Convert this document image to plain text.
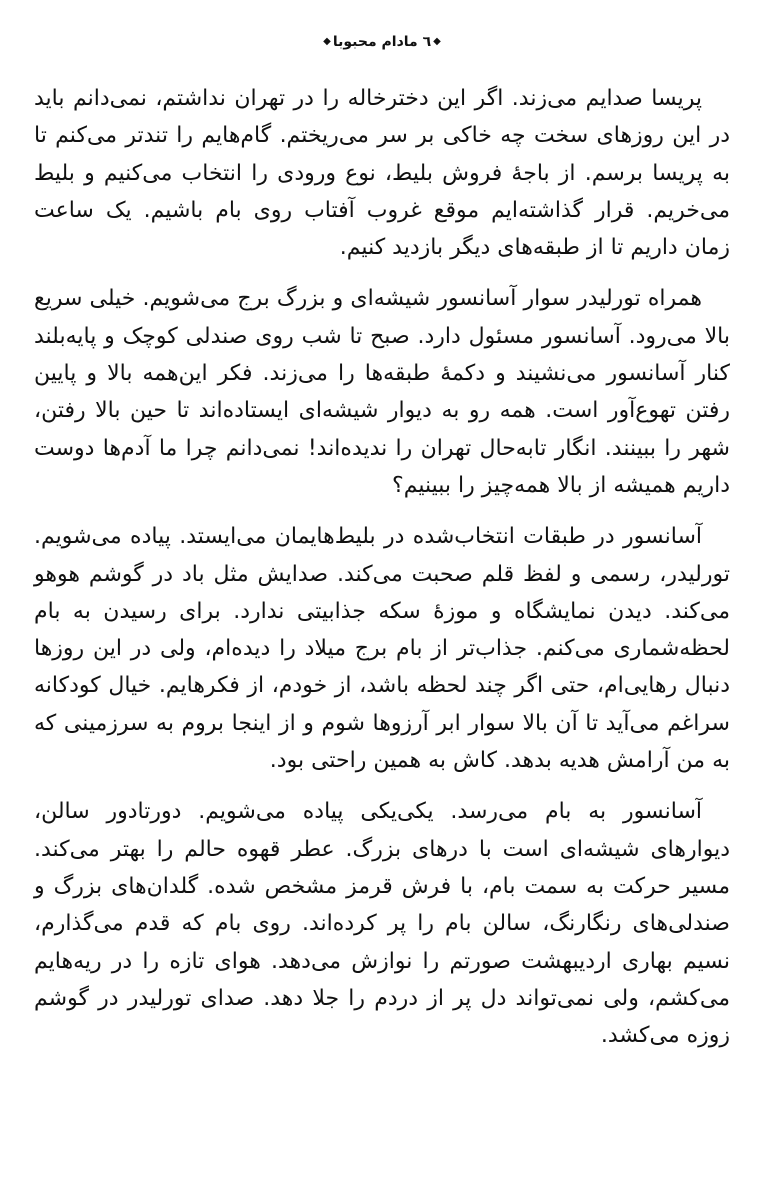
◆٦ مادام محبوبا◆

پریسا صدایم می‌زند. اگر این دخترخاله را در تهران نداشتم، نمی‌دانم باید در این روزهای سخت چه خاکی بر سر می‌ریختم. گام‌هایم را تندتر می‌کنم تا به پریسا برسم. از باجهٔ فروش بلیط، نوع ورودی را انتخاب می‌کنیم و بلیط می‌خریم. قرار گذاشته‌ایم موقع غروب آفتاب روی بام باشیم. یک ساعت زمان داریم تا از طبقه‌های دیگر بازدید کنیم.

همراه تورلیدر سوار آسانسور شیشه‌ای و بزرگ برج می‌شویم. خیلی سریع بالا می‌رود. آسانسور مسئول دارد. صبح تا شب روی صندلی کوچک و پایه‌بلند کنار آسانسور می‌نشیند و دکمهٔ طبقه‌ها را می‌زند. فکر این‌همه بالا و پایین رفتن تهوع‌آور است. همه رو به دیوار شیشه‌ای ایستاده‌اند تا حین بالا رفتن، شهر را ببینند. انگار تابه‌حال تهران را ندیده‌اند! نمی‌دانم چرا ما آدم‌ها دوست داریم همیشه از بالا همه‌چیز را ببینیم؟

آسانسور در طبقات انتخاب‌شده در بلیط‌هایمان می‌ایستد. پیاده می‌شویم. تورلیدر، رسمی و لفظ قلم صحبت می‌کند. صدایش مثل باد در گوشم هوهو می‌کند. دیدن نمایشگاه و موزهٔ سکه جذابیتی ندارد. برای رسیدن به بام لحظه‌شماری می‌کنم. جذاب‌تر از بام برج میلاد را دیده‌ام، ولی در این روزها دنبال رهایی‌ام، حتی اگر چند لحظه باشد، از خودم، از فکرهایم. خیال کودکانه سراغم می‌آید تا آن بالا سوار ابر آرزوها شوم و از اینجا بروم به سرزمینی که به من آرامش هدیه بدهد. کاش به همین راحتی بود.

آسانسور به بام می‌رسد. یکی‌یکی پیاده می‌شویم. دورتادور سالن، دیوارهای شیشه‌ای است با درهای بزرگ. عطر قهوه حالم را بهتر می‌کند. مسیر حرکت به سمت بام، با فرش قرمز مشخص شده. گلدان‌های بزرگ و صندلی‌های رنگارنگ، سالن بام را پر کرده‌اند. روی بام که قدم می‌گذارم، نسیم بهاری اردیبهشت صورتم را نوازش می‌دهد. هوای تازه را در ریه‌هایم می‌کشم، ولی نمی‌تواند دل پر از دردم را جلا دهد. صدای تورلیدر در گوشم زوزه می‌کشد.
